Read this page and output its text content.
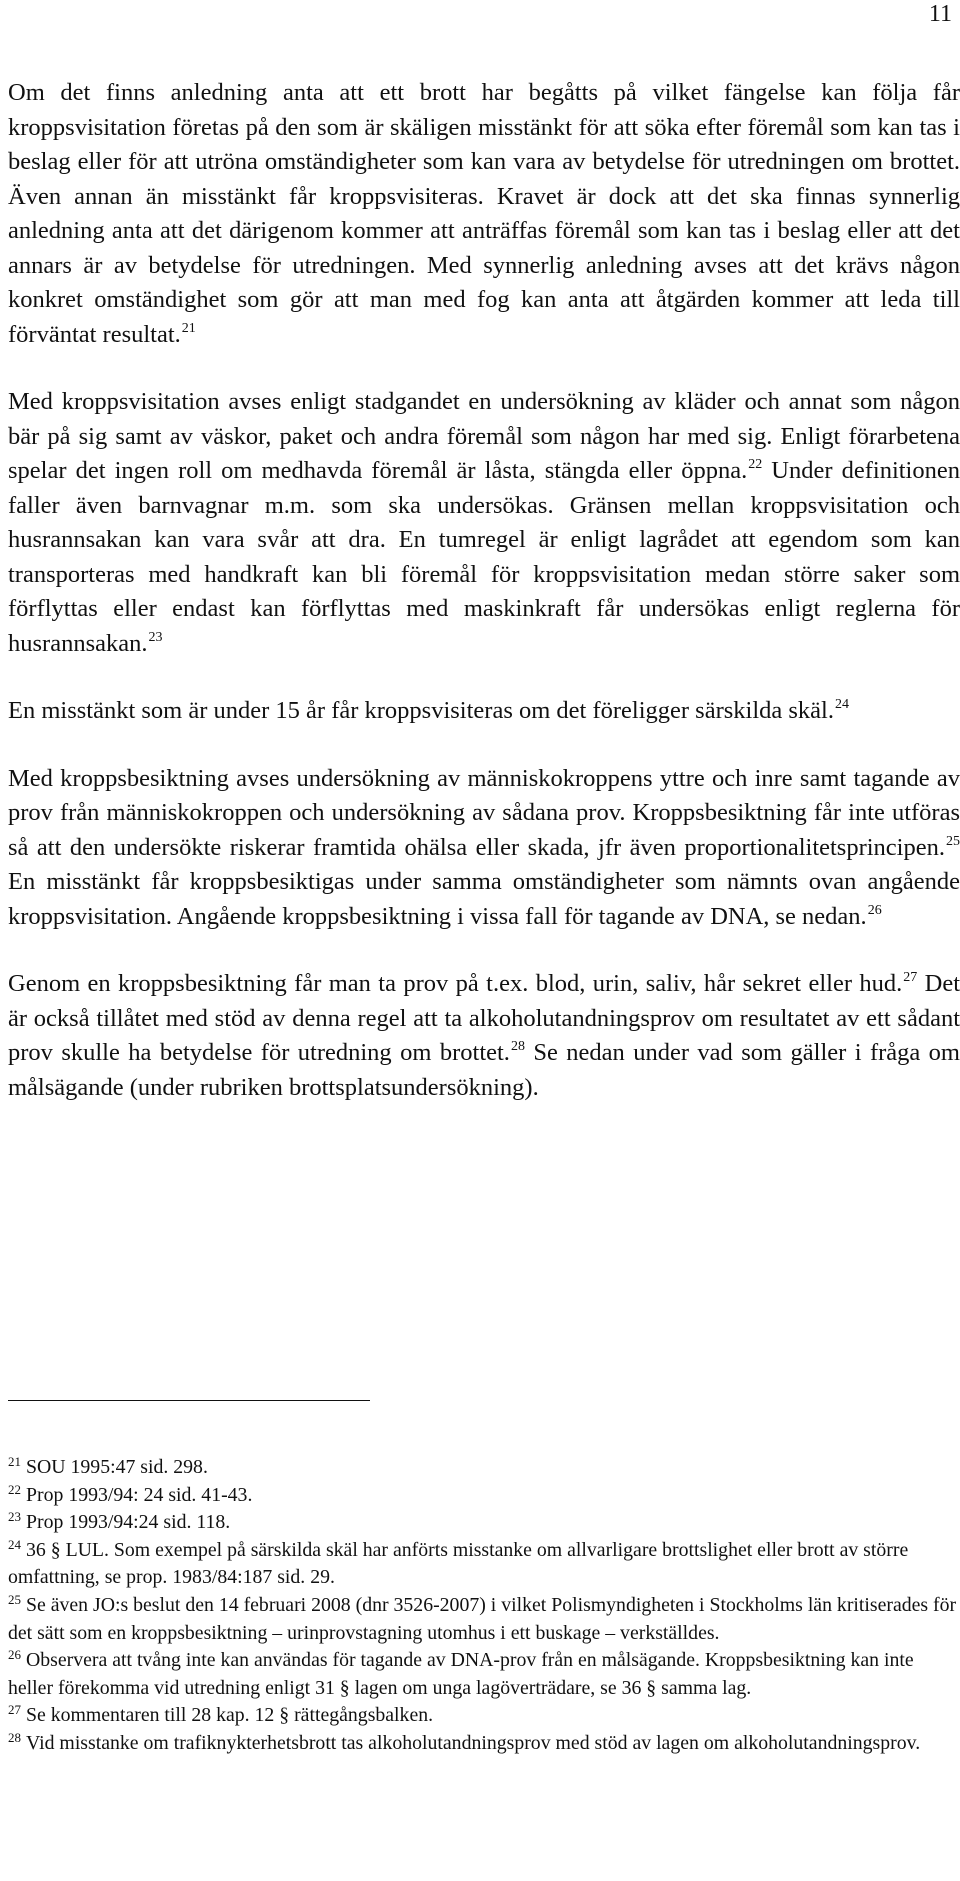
11

Om det finns anledning anta att ett brott har begåtts på vilket fängelse kan följa får kroppsvisitation företas på den som är skäligen misstänkt för att söka efter föremål som kan tas i beslag eller för att utröna omständigheter som kan vara av betydelse för utredningen om brottet. Även annan än misstänkt får kroppsvisiteras. Kravet är dock att det ska finnas synnerlig anledning anta att det därigenom kommer att anträffas föremål som kan tas i beslag eller att det annars är av betydelse för utredningen. Med synnerlig anledning avses att det krävs någon konkret omständighet som gör att man med fog kan anta att åtgärden kommer att leda till förväntat resultat.$^{21}$

Med kroppsvisitation avses enligt stadgandet en undersökning av kläder och annat som någon bär på sig samt av väskor, paket och andra föremål som någon har med sig. Enligt förarbetena spelar det ingen roll om medhavda föremål är låsta, stängda eller öppna.$^{22}$ Under definitionen faller även barnvagnar m.m. som ska undersökas. Gränsen mellan kroppsvisitation och husrannsakan kan vara svår att dra. En tumregel är enligt lagrådet att egendom som kan transporteras med handkraft kan bli föremål för kroppsvisitation medan större saker som förflyttas eller endast kan förflyttas med maskinkraft får undersökas enligt reglerna för husrannsakan.$^{23}$

En misstänkt som är under 15 år får kroppsvisiteras om det föreligger särskilda skäl.$^{24}$

Med kroppsbesiktning avses undersökning av människokroppens yttre och inre samt tagande av prov från människokroppen och undersökning av sådana prov. Kroppsbesiktning får inte utföras så att den undersökte riskerar framtida ohälsa eller skada, jfr även proportionalitetsprincipen.$^{25}$ En misstänkt får kroppsbesiktigas under samma omständigheter som nämnts ovan angående kroppsvisitation. Angående kroppsbesiktning i vissa fall för tagande av DNA, se nedan.$^{26}$

Genom en kroppsbesiktning får man ta prov på t.ex. blod, urin, saliv, hår sekret eller hud.$^{27}$ Det är också tillåtet med stöd av denna regel att ta alkoholutandningsprov om resultatet av ett sådant prov skulle ha betydelse för utredning om brottet.$^{28}$ Se nedan under vad som gäller i fråga om målsägande (under rubriken brottsplatsundersökning).

$^{21}$ SOU 1995:47 sid. 298.

$^{22}$ Prop 1993/94: 24 sid. 41-43.

$^{23}$ Prop 1993/94:24 sid. 118.

$^{24}$ 36 § LUL. Som exempel på särskilda skäl har anförts misstanke om allvarligare brottslighet eller brott av större omfattning, se prop. 1983/84:187 sid. 29.

$^{25}$ Se även JO:s beslut den 14 februari 2008 (dnr 3526-2007) i vilket Polismyndigheten i Stockholms län kritiserades för det sätt som en kroppsbesiktning – urinprovstagning utomhus i ett buskage – verkställdes.

$^{26}$ Observera att tvång inte kan användas för tagande av DNA-prov från en målsägande. Kroppsbesiktning kan inte heller förekomma vid utredning enligt 31 § lagen om unga lagöverträdare, se 36 § samma lag.

$^{27}$ Se kommentaren till 28 kap. 12 § rättegångsbalken.

$^{28}$ Vid misstanke om trafiknykterhetsbrott tas alkoholutandningsprov med stöd av lagen om alkoholutandningsprov.
